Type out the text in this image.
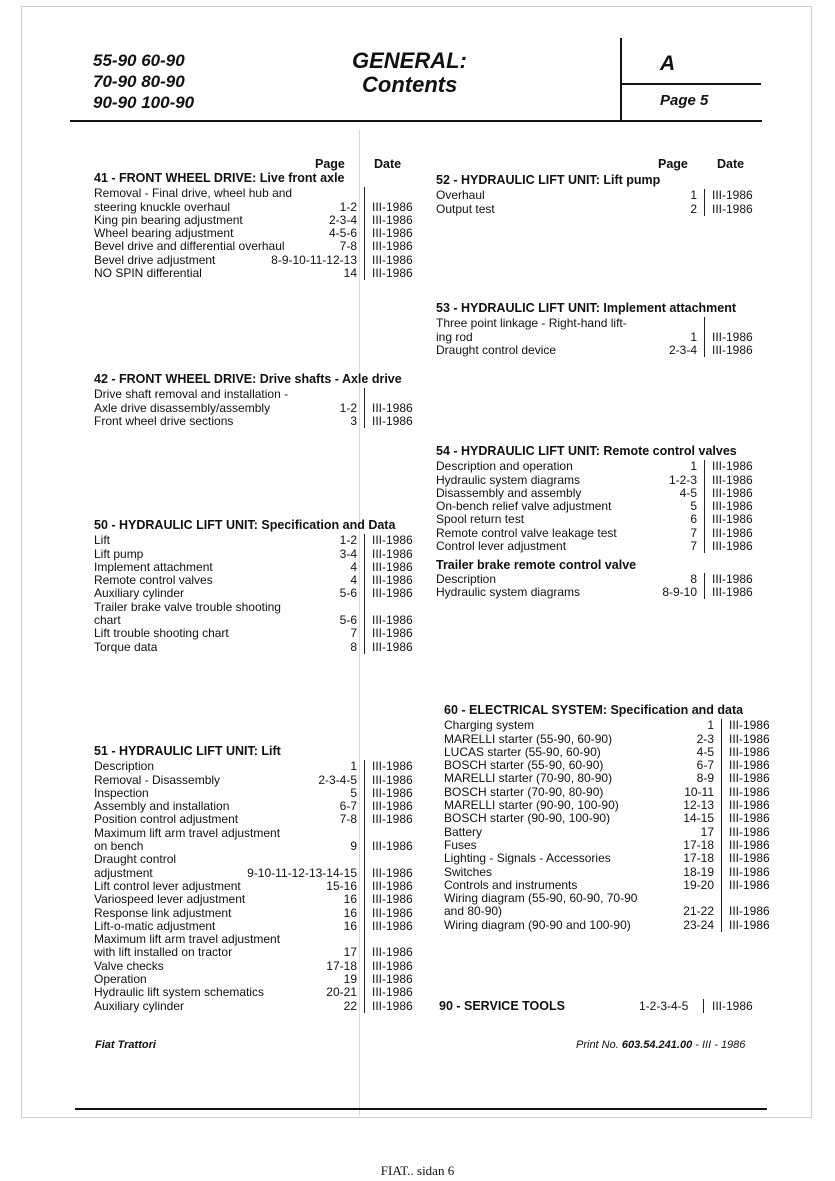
55-90 60-90
70-90 80-90
90-90 100-90
GENERAL:
Contents
A
Page 5
Page Date
41 - FRONT WHEEL DRIVE: Live front axle
Removal - Final drive, wheel hub and
steering knuckle overhaul	1-2	III-1986
King pin bearing adjustment	2-3-4	III-1986
Wheel bearing adjustment	4-5-6	III-1986
Bevel drive and differential overhaul	7-8	III-1986
Bevel drive adjustment	8-9-10-11-12-13	III-1986
NO SPIN differential	14	III-1986
42 - FRONT WHEEL DRIVE: Drive shafts - Axle drive
Drive shaft removal and installation -
Axle drive disassembly/assembly	1-2	III-1986
Front wheel drive sections	3	III-1986
50 - HYDRAULIC LIFT UNIT: Specification and Data
Lift	1-2	III-1986
Lift pump	3-4	III-1986
Implement attachment	4	III-1986
Remote control valves	4	III-1986
Auxiliary cylinder	5-6	III-1986
Trailer brake valve trouble shooting
chart	5-6	III-1986
Lift trouble shooting chart	7	III-1986
Torque data	8	III-1986
51 - HYDRAULIC LIFT UNIT: Lift
Description	1	III-1986
Removal - Disassembly	2-3-4-5	III-1986
Inspection	5	III-1986
Assembly and installation	6-7	III-1986
Position control adjustment	7-8	III-1986
Maximum lift arm travel adjustment
on bench	9	III-1986
Draught control
adjustment	9-10-11-12-13-14-15	III-1986
Lift control lever adjustment	15-16	III-1986
Variospeed lever adjustment	16	III-1986
Response link adjustment	16	III-1986
Lift-o-matic adjustment	16	III-1986
Maximum lift arm travel adjustment
with lift installed on tractor	17	III-1986
Valve checks	17-18	III-1986
Operation	19	III-1986
Hydraulic lift system schematics	20-21	III-1986
Auxiliary cylinder	22	III-1986
Page Date
52 - HYDRAULIC LIFT UNIT: Lift pump
Overhaul	1	III-1986
Output test	2	III-1986
53 - HYDRAULIC LIFT UNIT: Implement attachment
Three point linkage - Right-hand lift-
ing rod	1	III-1986
Draught control device	2-3-4	III-1986
54 - HYDRAULIC LIFT UNIT: Remote control valves
Description and operation	1	III-1986
Hydraulic system diagrams	1-2-3	III-1986
Disassembly and assembly	4-5	III-1986
On-bench relief valve adjustment	5	III-1986
Spool return test	6	III-1986
Remote control valve leakage test	7	III-1986
Control lever adjustment	7	III-1986
Trailer brake remote control valve
Description	8	III-1986
Hydraulic system diagrams	8-9-10	III-1986
60 - ELECTRICAL SYSTEM: Specification and data
Charging system	1	III-1986
MARELLI starter (55-90, 60-90)	2-3	III-1986
LUCAS starter (55-90, 60-90)	4-5	III-1986
BOSCH starter (55-90, 60-90)	6-7	III-1986
MARELLI starter (70-90, 80-90)	8-9	III-1986
BOSCH starter (70-90, 80-90)	10-11	III-1986
MARELLI starter (90-90, 100-90)	12-13	III-1986
BOSCH starter (90-90, 100-90)	14-15	III-1986
Battery	17	III-1986
Fuses	17-18	III-1986
Lighting - Signals - Accessories	17-18	III-1986
Switches	18-19	III-1986
Controls and instruments	19-20	III-1986
Wiring diagram (55-90, 60-90, 70-90
and 80-90)	21-22	III-1986
Wiring diagram (90-90 and 100-90)	23-24	III-1986
90 - SERVICE TOOLS	1-2-3-4-5	III-1986
Fiat Trattori	Print No. 603.54.241.00 - III - 1986
FIAT.. sidan 6
